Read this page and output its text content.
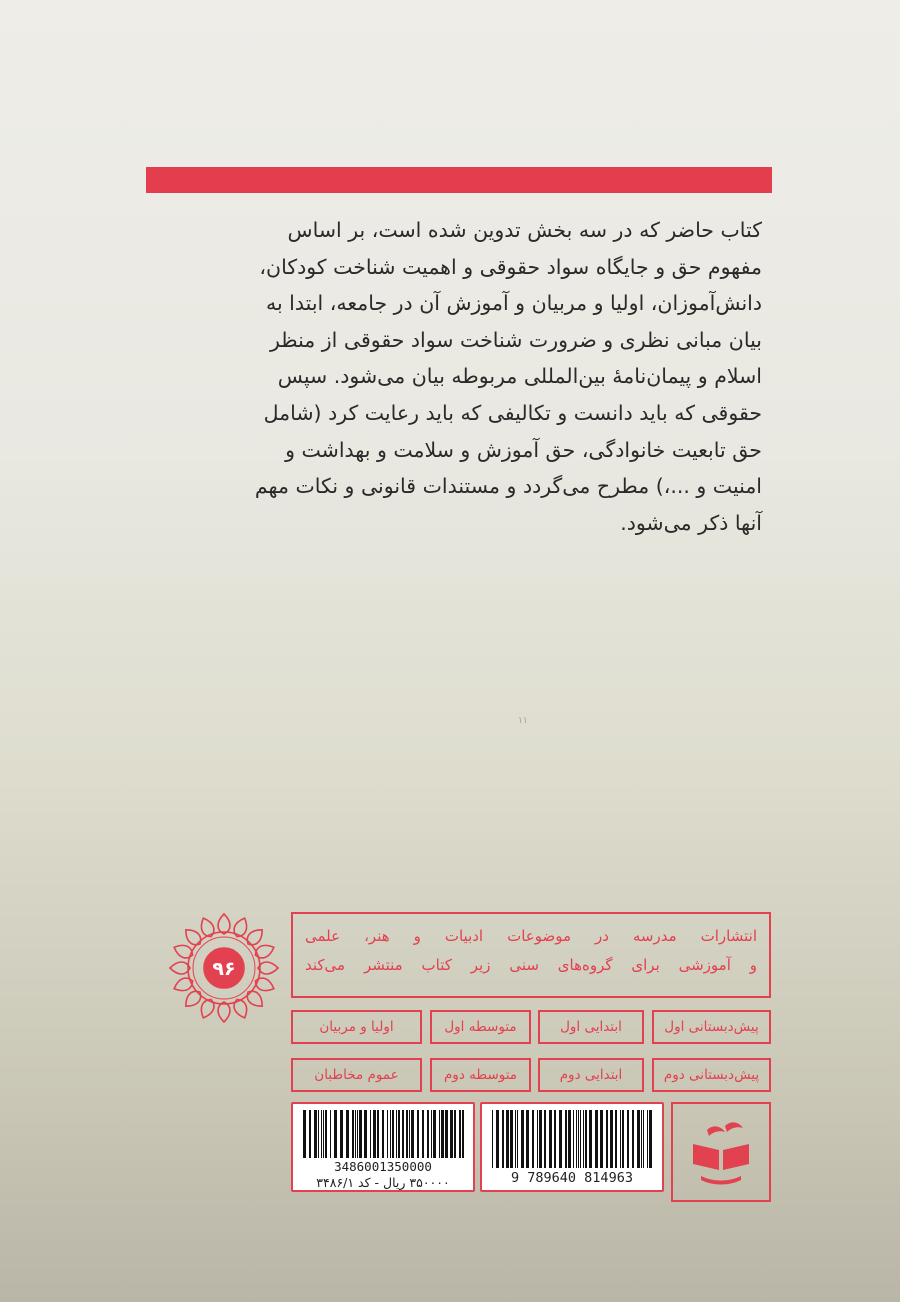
کتاب حاضر که در سه بخش تدوین شده است، بر اساس
مفهوم حق و جایگاه سواد حقوقی و اهمیت شناخت کودکان،
دانش‌آموزان، اولیا و مربیان و آموزش آن در جامعه، ابتدا به
بیان مبانی نظری و ضرورت شناخت سواد حقوقی از منظر
اسلام و پیمان‌نامهٔ بین‌المللی مربوطه بیان می‌شود. سپس
حقوقی که باید دانست و تکالیفی که باید رعایت کرد (شامل
حق تابعیت خانوادگی، حق آموزش و سلامت و بهداشت و
امنیت و ...،) مطرح می‌گردد و مستندات قانونی و نکات مهم
آنها ذکر می‌شود.
۱۱
۹۶
انتشارات مدرسه در موضوعات ادبیات و هنر، علمی
و آموزشی برای گروه‌های سنی زیر کتاب منتشر می‌کند
پیش‌دبستانی اول
ابتدایی اول
متوسطه اول
اولیا و مربیان
پیش‌دبستانی دوم
ابتدایی دوم
متوسطه دوم
عموم مخاطبان
9 789640 814963
3486001350000
۳۵۰۰۰۰ ریال - کد ۳۴۸۶/۱
